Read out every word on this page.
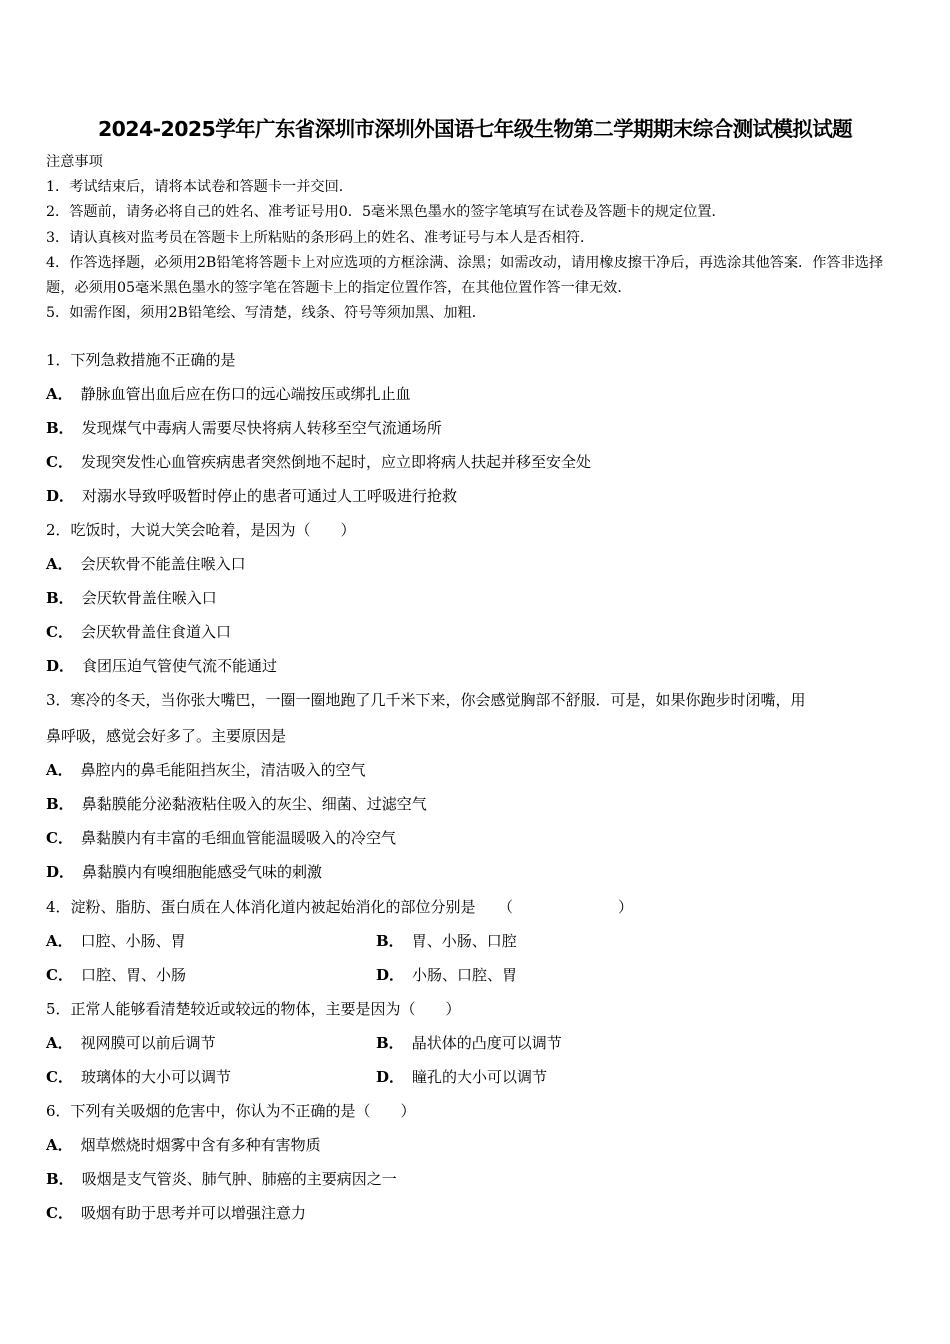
2024-2025学年广东省深圳市深圳外国语七年级生物第二学期期末综合测试模拟试题
注意事项
1．考试结束后，请将本试卷和答题卡一并交回．
2．答题前，请务必将自己的姓名、准考证号用0．5毫米黑色墨水的签字笔填写在试卷及答题卡的规定位置．
3．请认真核对监考员在答题卡上所粘贴的条形码上的姓名、准考证号与本人是否相符．
4．作答选择题，必须用2B铅笔将答题卡上对应选项的方框涂满、涂黑；如需改动，请用橡皮擦干净后，再选涂其他答案．作答非选择题，必须用05毫米黑色墨水的签字笔在答题卡上的指定位置作答，在其他位置作答一律无效．
5．如需作图，须用2B铅笔绘、写清楚，线条、符号等须加黑、加粗．
1．下列急救措施不正确的是
A． 静脉血管出血后应在伤口的远心端按压或绑扎止血
B． 发现煤气中毒病人需要尽快将病人转移至空气流通场所
C． 发现突发性心血管疾病患者突然倒地不起时，应立即将病人扶起并移至安全处
D． 对溺水导致呼吸暂时停止的患者可通过人工呼吸进行抢救
2．吃饭时，大说大笑会呛着，是因为（　　）
A． 会厌软骨不能盖住喉入口
B． 会厌软骨盖住喉入口
C． 会厌软骨盖住食道入口
D． 食团压迫气管使气流不能通过
3．寒冷的冬天，当你张大嘴巴，一圈一圈地跑了几千米下来，你会感觉胸部不舒服．可是，如果你跑步时闭嘴，用
鼻呼吸，感觉会好多了。主要原因是
A． 鼻腔内的鼻毛能阻挡灰尘，清洁吸入的空气
B． 鼻黏膜能分泌黏液粘住吸入的灰尘、细菌、过滤空气
C． 鼻黏膜内有丰富的毛细血管能温暖吸入的冷空气
D． 鼻黏膜内有嗅细胞能感受气味的刺激
4．淀粉、脂肪、蛋白质在人体消化道内被起始消化的部位分别是　　（　　　　　　　）
A． 口腔、小肠、胃	B． 胃、小肠、口腔
C． 口腔、胃、小肠	D． 小肠、口腔、胃
5．正常人能够看清楚较近或较远的物体，主要是因为（　　）
A． 视网膜可以前后调节	B． 晶状体的凸度可以调节
C． 玻璃体的大小可以调节	D． 瞳孔的大小可以调节
6．下列有关吸烟的危害中，你认为不正确的是（　　）
A． 烟草燃烧时烟雾中含有多种有害物质
B． 吸烟是支气管炎、肺气肿、肺癌的主要病因之一
C． 吸烟有助于思考并可以增强注意力
